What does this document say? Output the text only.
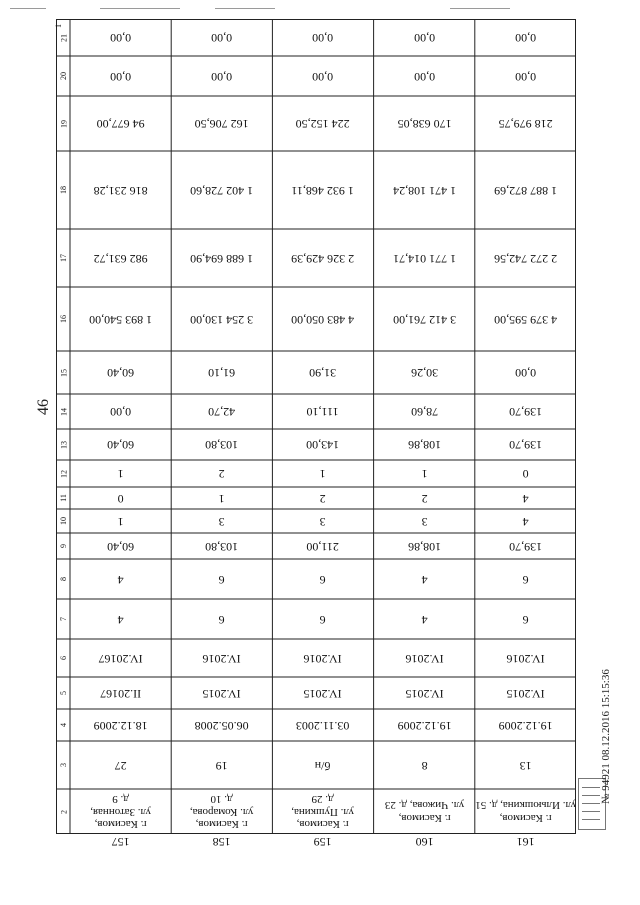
46
1
2
3
4
5
6
7
8
9
10
11
12
13
14
15
16
17
18
19
20
21
157
г. Касимов,
ул. Затонная,
д. 9
27
18.12.2009
II.20167
IV.20167
4
4
60,40
1
0
1
60,40
0,00
60,40
1 893 540,00
982 631,72
816 231,28
94 677,00
0,00
0,00
158
г. Касимов,
ул. Комарова,
д. 10
19
06.05.2008
IV.2015
IV.2016
6
6
103,80
3
1
2
103,80
42,70
61,10
3 254 130,00
1 688 694,90
1 402 728,60
162 706,50
0,00
0,00
159
г. Касимов,
ул. Пушкина,
д. 29
б/н
03.11.2003
IV.2015
IV.2016
6
6
211,00
3
2
1
143,00
111,10
31,90
4 483 050,00
2 326 429,39
1 932 468,11
224 152,50
0,00
0,00
160
г. Касимов,
ул. Чижова, д. 23
8
19.12.2009
IV.2015
IV.2016
4
4
108,86
3
2
1
108,86
78,60
30,26
3 412 761,00
1 771 014,71
1 471 108,24
170 638,05
0,00
0,00
161
г. Касимов,
ул. Ильюшкина, д. 51
13
19.12.2009
IV.2015
IV.2016
6
6
139,70
4
4
0
139,70
139,70
0,00
4 379 595,00
2 272 742,56
1 887 872,69
218 979,75
0,00
0,00
№ 94921 08.12.2016 15:15:36
